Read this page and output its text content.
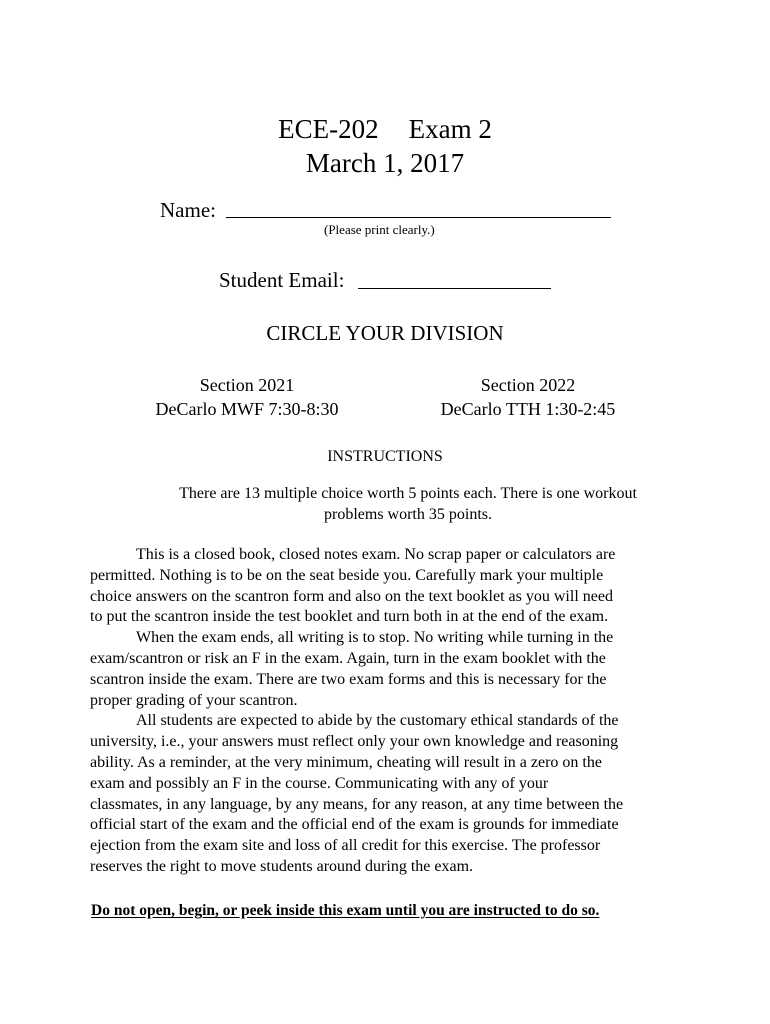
ECE-202 Exam 2
March 1, 2017
Name:
(Please print clearly.)
Student Email:
CIRCLE YOUR DIVISION
Section 2021
DeCarlo MWF 7:30-8:30
Section 2022
DeCarlo TTH 1:30-2:45
INSTRUCTIONS
There are 13 multiple choice worth 5 points each. There is one workout
problems worth 35 points.
This is a closed book, closed notes exam. No scrap paper or calculators are
permitted. Nothing is to be on the seat beside you. Carefully mark your multiple
choice answers on the scantron form and also on the text booklet as you will need
to put the scantron inside the test booklet and turn both in at the end of the exam.
When the exam ends, all writing is to stop. No writing while turning in the
exam/scantron or risk an F in the exam. Again, turn in the exam booklet with the
scantron inside the exam. There are two exam forms and this is necessary for the
proper grading of your scantron.
All students are expected to abide by the customary ethical standards of the
university, i.e., your answers must reflect only your own knowledge and reasoning
ability. As a reminder, at the very minimum, cheating will result in a zero on the
exam and possibly an F in the course. Communicating with any of your
classmates, in any language, by any means, for any reason, at any time between the
official start of the exam and the official end of the exam is grounds for immediate
ejection from the exam site and loss of all credit for this exercise. The professor
reserves the right to move students around during the exam.
Do not open, begin, or peek inside this exam until you are instructed to do so.
